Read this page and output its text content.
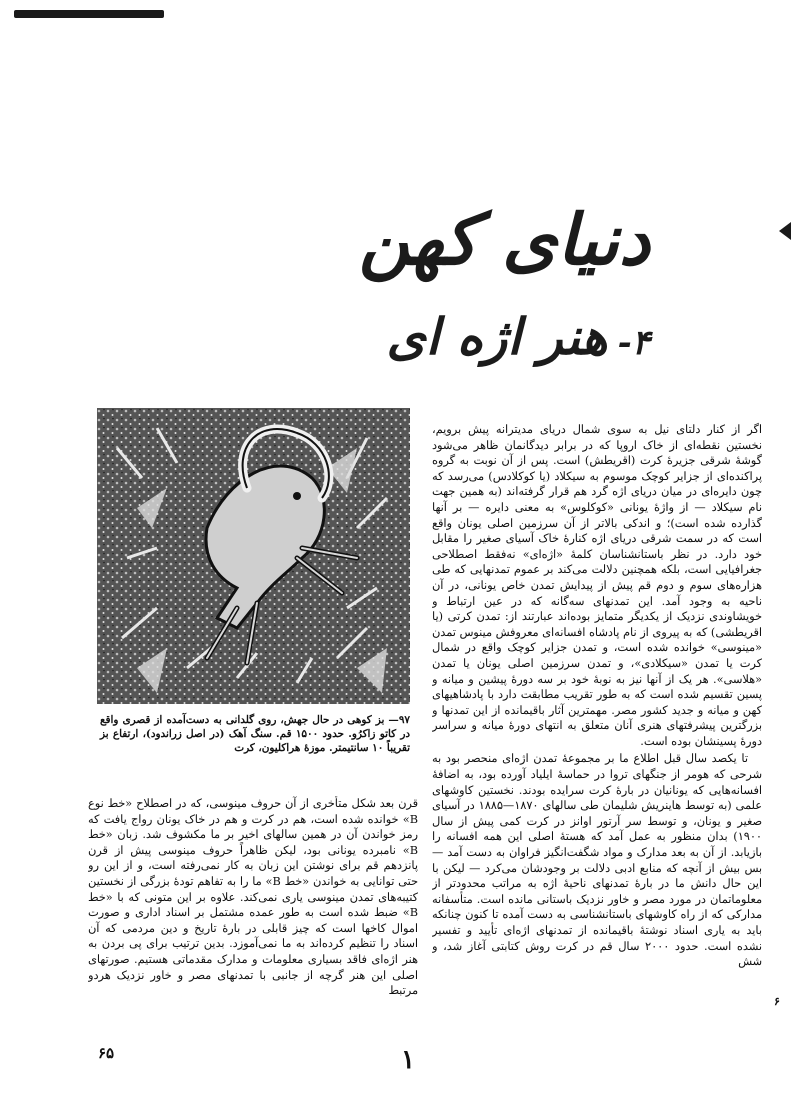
دنیای کهن
۴-هنر اژه ای

اگر از کنار دلتای نیل به سوی شمال دریای مدیترانه پیش برویم، نخستین نقطه‌ای از خاک اروپا که در برابر دیدگانمان ظاهر می‌شود گوشهٔ شرقی جزیرهٔ کرت (اقریطش) است. پس از آن نوبت به گروه پراکنده‌ای از جزایر کوچک موسوم به سیکلاد (یا کوکلادس) می‌رسد که چون دایره‌ای در میان دریای اژه گرد هم قرار گرفته‌اند (به همین جهت نام سیکلاد — از واژهٔ یونانی «کوکلوس» به معنی دایره — بر آنها گذارده شده است)؛ و اندکی بالاتر از آن سرزمین اصلی یونان واقع است که در سمت شرقی دریای اژه کنارهٔ خاک آسیای صغیر را مقابل خود دارد. در نظر باستانشناسان کلمهٔ «اژه‌ای» نه‌فقط اصطلاحی جغرافیایی است، بلکه همچنین دلالت می‌کند بر عموم تمدنهایی که طی هزاره‌های سوم و دوم قم پیش از پیدایش تمدن خاص یونانی، در آن ناحیه به وجود آمد. این تمدنهای سه‌گانه که در عین ارتباط و خویشاوندی نزدیک از یکدیگر متمایز بوده‌اند عبارتند از: تمدن کرتی (یا اقریطشی) که به پیروی از نام پادشاه افسانه‌ای معروفش مینوس تمدن «مینوسی» خوانده شده است، و تمدن جزایر کوچک واقع در شمال کرت یا تمدن «سیکلادی»، و تمدن سرزمین اصلی یونان یا تمدن «هلاسی». هر یک از آنها نیز به نوبهٔ خود بر سه دورهٔ پیشین و میانه و پسین تقسیم شده است که به طور تقریب مطابقت دارد با پادشاهیهای کهن و میانه و جدید کشور مصر. مهمترین آثار باقیمانده از این تمدنها و بزرگترین پیشرفتهای هنری آنان متعلق به انتهای دورهٔ میانه و سراسر دورهٔ پسینشان بوده است.

تا یکصد سال قبل اطلاع ما بر مجموعهٔ تمدن اژه‌ای منحصر بود به شرحی که هومر از جنگهای تروا در حماسهٔ ایلیاد آورده بود، به اضافهٔ افسانه‌هایی که یونانیان در بارهٔ کرت سرایده بودند. نخستین کاوشهای علمی (به توسط هاینریش شلیمان طی سالهای ۱۸۷۰—۱۸۸۵ در آسیای صغیر و یونان، و توسط سر آرتور اوانز در کرت کمی پیش از سال ۱۹۰۰) بدان منظور به عمل آمد که هستهٔ اصلی این همه افسانه را بازیابد. از آن به بعد مدارک و مواد شگفت‌انگیز فراوان به دست آمد — بس بیش از آنچه که منابع ادبی دلالت بر وجودشان می‌کرد — لیکن با این حال دانش ما در بارهٔ تمدنهای ناحیهٔ اژه به مراتب محدودتر از معلوماتمان در مورد مصر و خاور نزدیک باستانی مانده است. متأسفانه مدارکی که از راه کاوشهای باستانشناسی به دست آمده تا کنون چنانکه باید به یاری اسناد نوشتهٔ باقیمانده از تمدنهای اژه‌ای تأیید و تفسیر نشده است. حدود ۲۰۰۰ سال قم در کرت روش کتابتی آغاز شد، و شش

۹۷— بز کوهی در حال جهش، روی گلدانی به دست‌آمده از قصری واقع در کاتو زاکرُو. حدود ۱۵۰۰ قم. سنگ آهک (در اصل زراندود)، ارتفاع بز تقریباً ۱۰ سانتیمتر. موزهٔ هراکلیون، کرت

قرن بعد شکل متأخری از آن حروف مینوسی، که در اصطلاح «خط نوع B» خوانده شده است، هم در کرت و هم در خاک یونان رواج یافت که رمز خواندن آن در همین سالهای اخیر بر ما مکشوف شد. زبان «خط B» نامبرده یونانی بود، لیکن ظاهراً حروف مینوسی پیش از قرن پانزدهم قم برای نوشتن این زبان به کار نمی‌رفته است، و از این رو حتی توانایی به خواندن «خط B» ما را به تفاهم تودهٔ بزرگی از نخستین کتیبه‌های تمدن مینوسی یاری نمی‌کند. علاوه بر این متونی که با «خط B» ضبط شده است به طور عمده مشتمل بر اسناد اداری و صورت اموال کاخها است که چیز قابلی در بارهٔ تاریخ و دین مردمی که آن اسناد را تنظیم کرده‌اند به ما نمی‌آموزد. بدین ترتیب برای پی بردن به هنر اژه‌ای فاقد بسیاری معلومات و مدارک مقدماتی هستیم. صورتهای اصلی این هنر گرچه از جانبی با تمدنهای مصر و خاور نزدیک هردو مرتبط

۶۵	۱
۶
